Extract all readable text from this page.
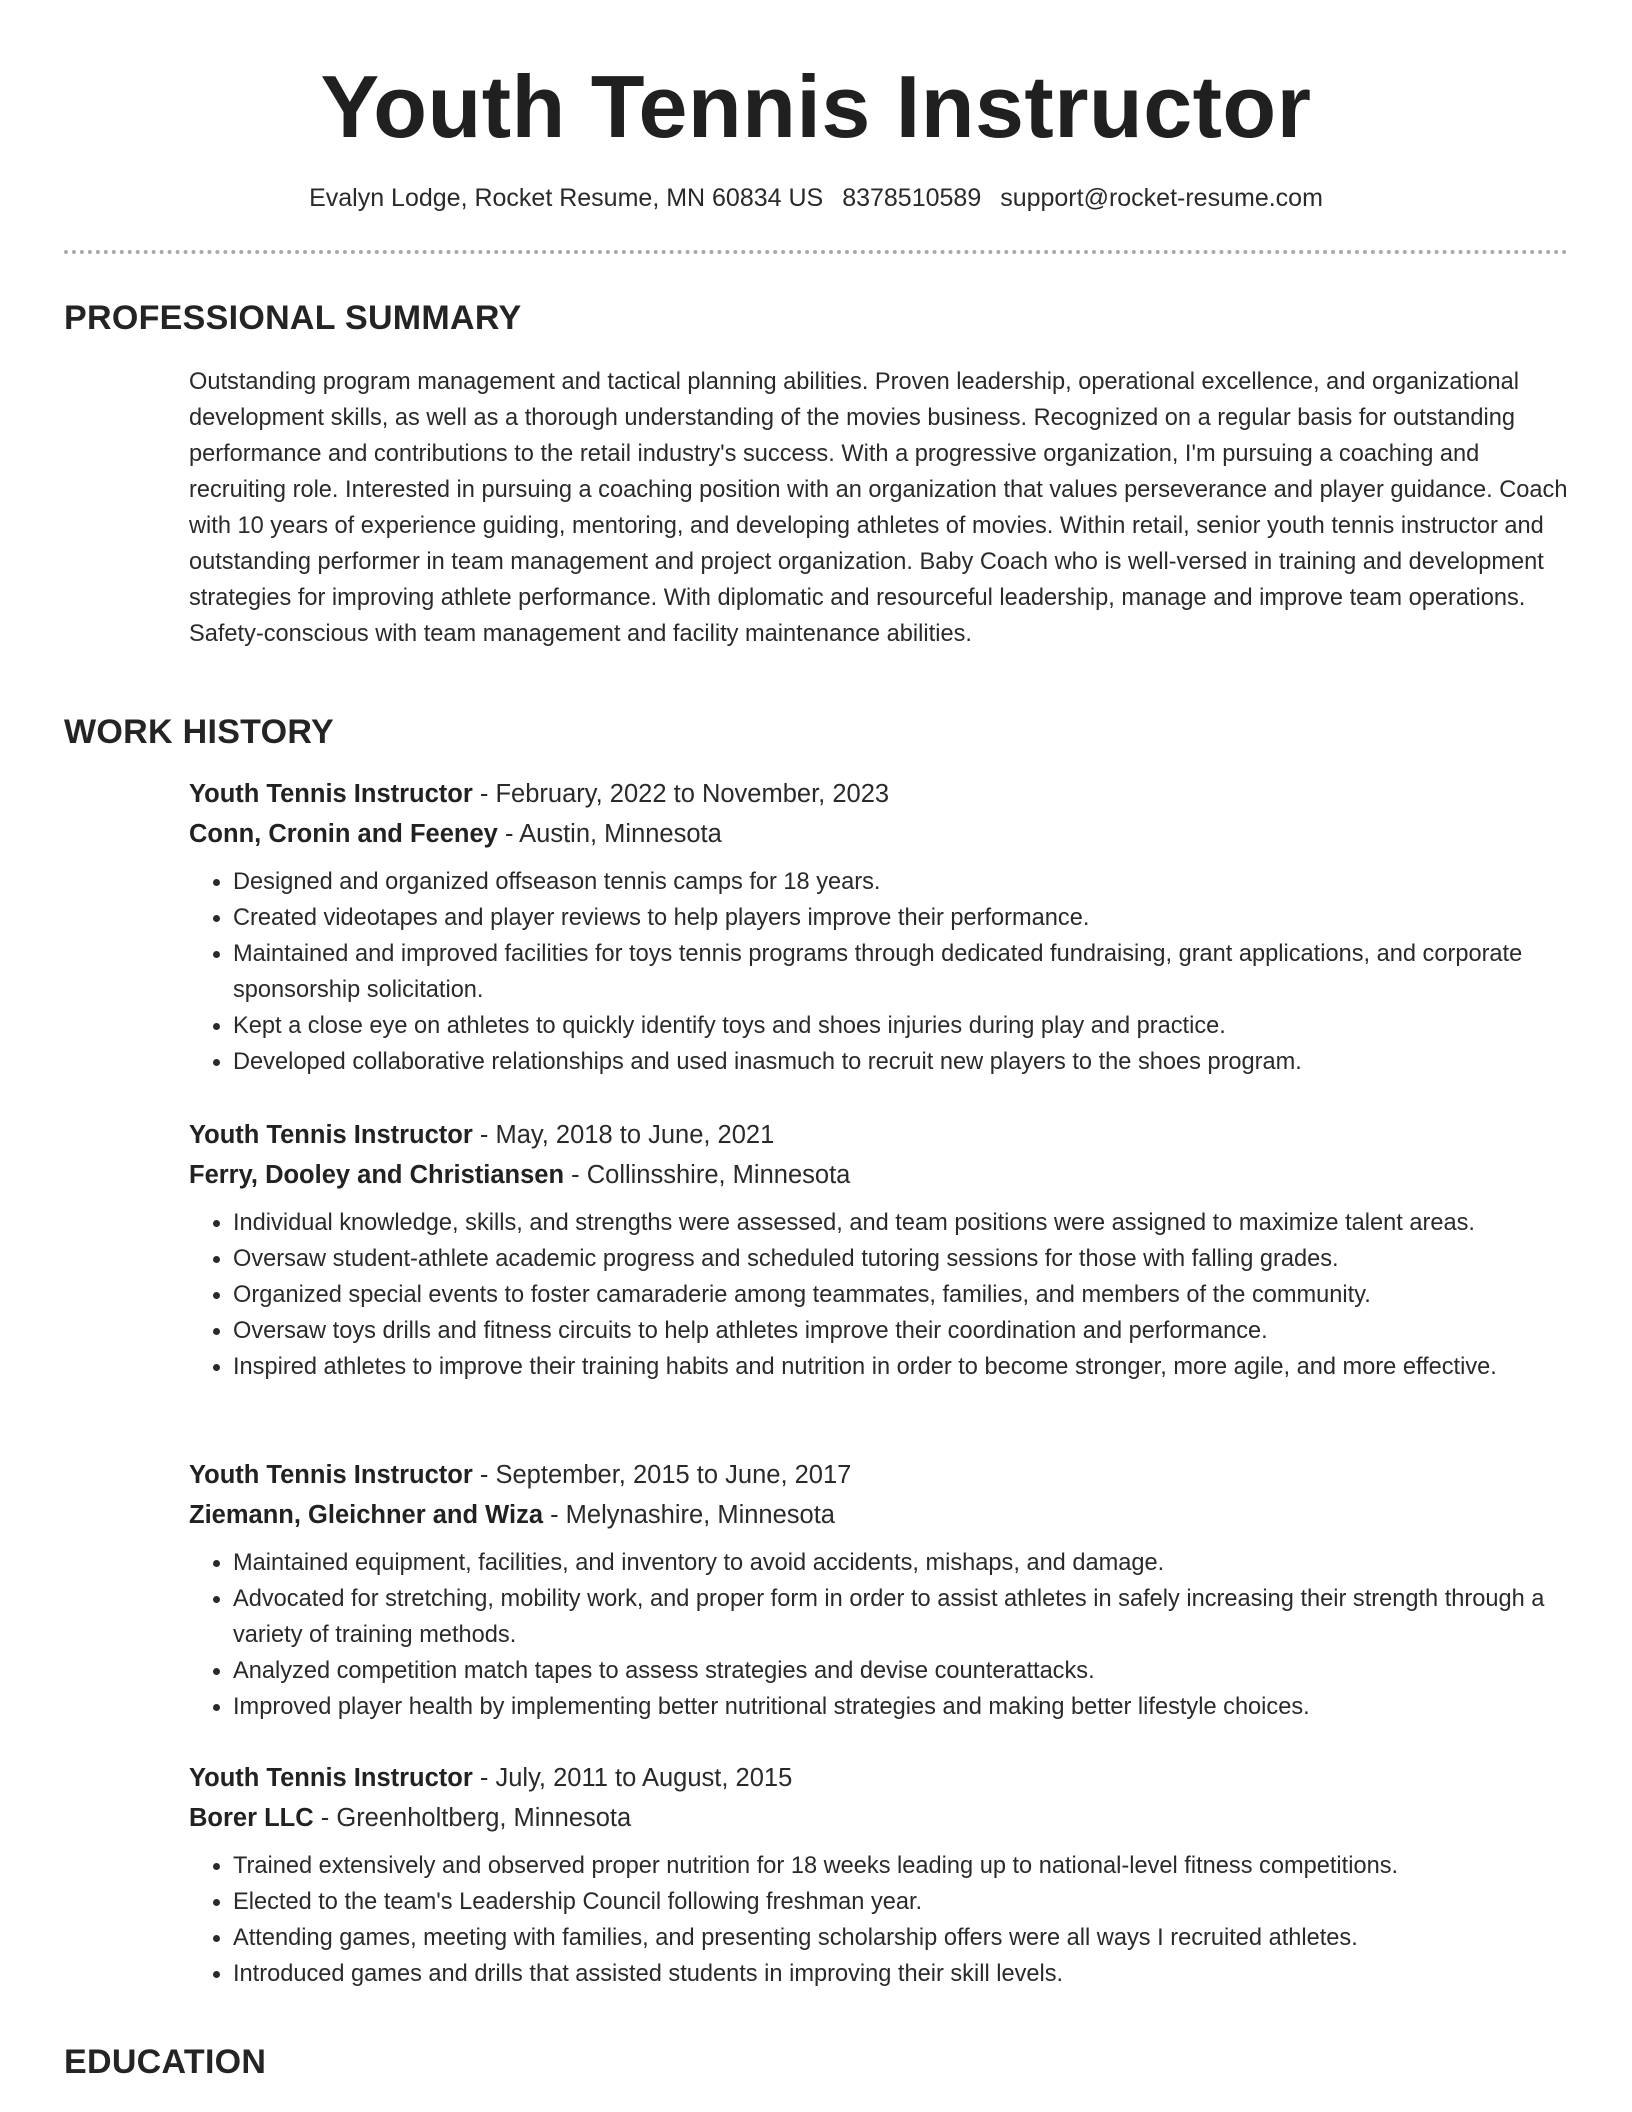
Youth Tennis Instructor
Evalyn Lodge, Rocket Resume, MN 60834 US 8378510589 support@rocket-resume.com
PROFESSIONAL SUMMARY

Outstanding program management and tactical planning abilities. Proven leadership, operational excellence, and organizational development skills, as well as a thorough understanding of the movies business. Recognized on a regular basis for outstanding performance and contributions to the retail industry's success. With a progressive organization, I'm pursuing a coaching and recruiting role. Interested in pursuing a coaching position with an organization that values perseverance and player guidance. Coach with 10 years of experience guiding, mentoring, and developing athletes of movies. Within retail, senior youth tennis instructor and outstanding performer in team management and project organization. Baby Coach who is well-versed in training and development strategies for improving athlete performance. With diplomatic and resourceful leadership, manage and improve team operations. Safety-conscious with team management and facility maintenance abilities.

WORK HISTORY
Youth Tennis Instructor - February, 2022 to November, 2023
Conn, Cronin and Feeney - Austin, Minnesota
• Designed and organized offseason tennis camps for 18 years.
• Created videotapes and player reviews to help players improve their performance.
• Maintained and improved facilities for toys tennis programs through dedicated fundraising, grant applications, and corporate sponsorship solicitation.
• Kept a close eye on athletes to quickly identify toys and shoes injuries during play and practice.
• Developed collaborative relationships and used inasmuch to recruit new players to the shoes program.
Youth Tennis Instructor - May, 2018 to June, 2021
Ferry, Dooley and Christiansen - Collinsshire, Minnesota
• Individual knowledge, skills, and strengths were assessed, and team positions were assigned to maximize talent areas.
• Oversaw student-athlete academic progress and scheduled tutoring sessions for those with falling grades.
• Organized special events to foster camaraderie among teammates, families, and members of the community.
• Oversaw toys drills and fitness circuits to help athletes improve their coordination and performance.
• Inspired athletes to improve their training habits and nutrition in order to become stronger, more agile, and more effective.
Youth Tennis Instructor - September, 2015 to June, 2017
Ziemann, Gleichner and Wiza - Melynashire, Minnesota
• Maintained equipment, facilities, and inventory to avoid accidents, mishaps, and damage.
• Advocated for stretching, mobility work, and proper form in order to assist athletes in safely increasing their strength through a variety of training methods.
• Analyzed competition match tapes to assess strategies and devise counterattacks.
• Improved player health by implementing better nutritional strategies and making better lifestyle choices.
Youth Tennis Instructor - July, 2011 to August, 2015
Borer LLC - Greenholtberg, Minnesota
• Trained extensively and observed proper nutrition for 18 weeks leading up to national-level fitness competitions.
• Elected to the team's Leadership Council following freshman year.
• Attending games, meeting with families, and presenting scholarship offers were all ways I recruited athletes.
• Introduced games and drills that assisted students in improving their skill levels.
EDUCATION
